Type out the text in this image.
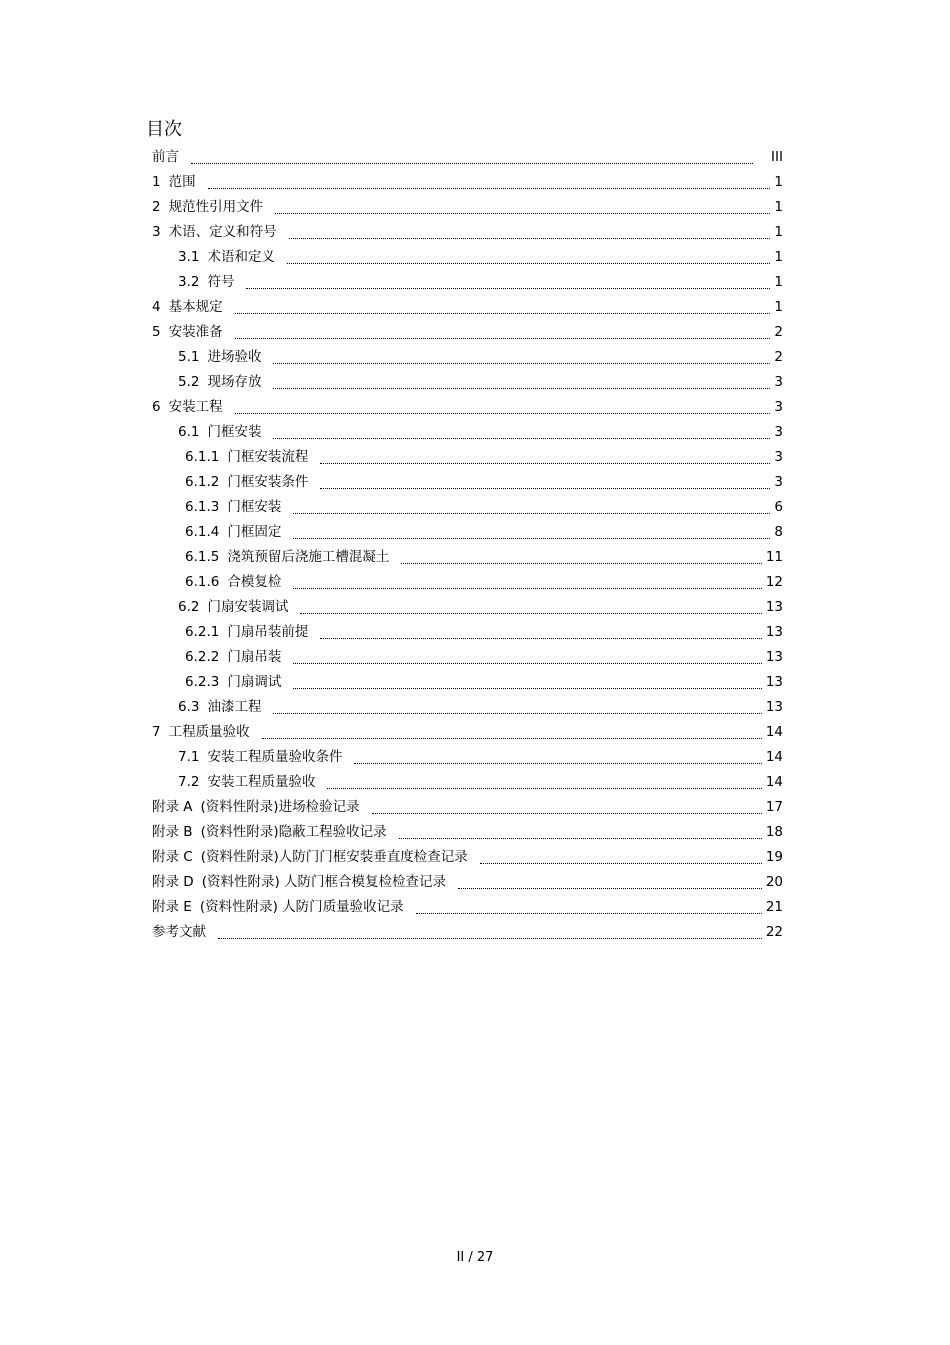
目次
前言	III
1 范围	1
2 规范性引用文件	1
3 术语、定义和符号	1
3.1 术语和定义	1
3.2 符号	1
4 基本规定	1
5 安装准备	2
5.1 进场验收	2
5.2 现场存放	3
6 安装工程	3
6.1 门框安装	3
6.1.1 门框安装流程	3
6.1.2 门框安装条件	3
6.1.3 门框安装	6
6.1.4 门框固定	8
6.1.5 浇筑预留后浇施工槽混凝土	11
6.1.6 合模复检	12
6.2 门扇安装调试	13
6.2.1 门扇吊装前提	13
6.2.2 门扇吊装	13
6.2.3 门扇调试	13
6.3 油漆工程	13
7 工程质量验收	14
7.1 安装工程质量验收条件	14
7.2 安装工程质量验收	14
附录 A (资料性附录)进场检验记录	17
附录 B (资料性附录)隐蔽工程验收记录	18
附录 C (资料性附录)人防门门框安装垂直度检查记录	19
附录 D (资料性附录) 人防门框合模复检检查记录	20
附录 E (资料性附录) 人防门质量验收记录	21
参考文献	22
II / 27
